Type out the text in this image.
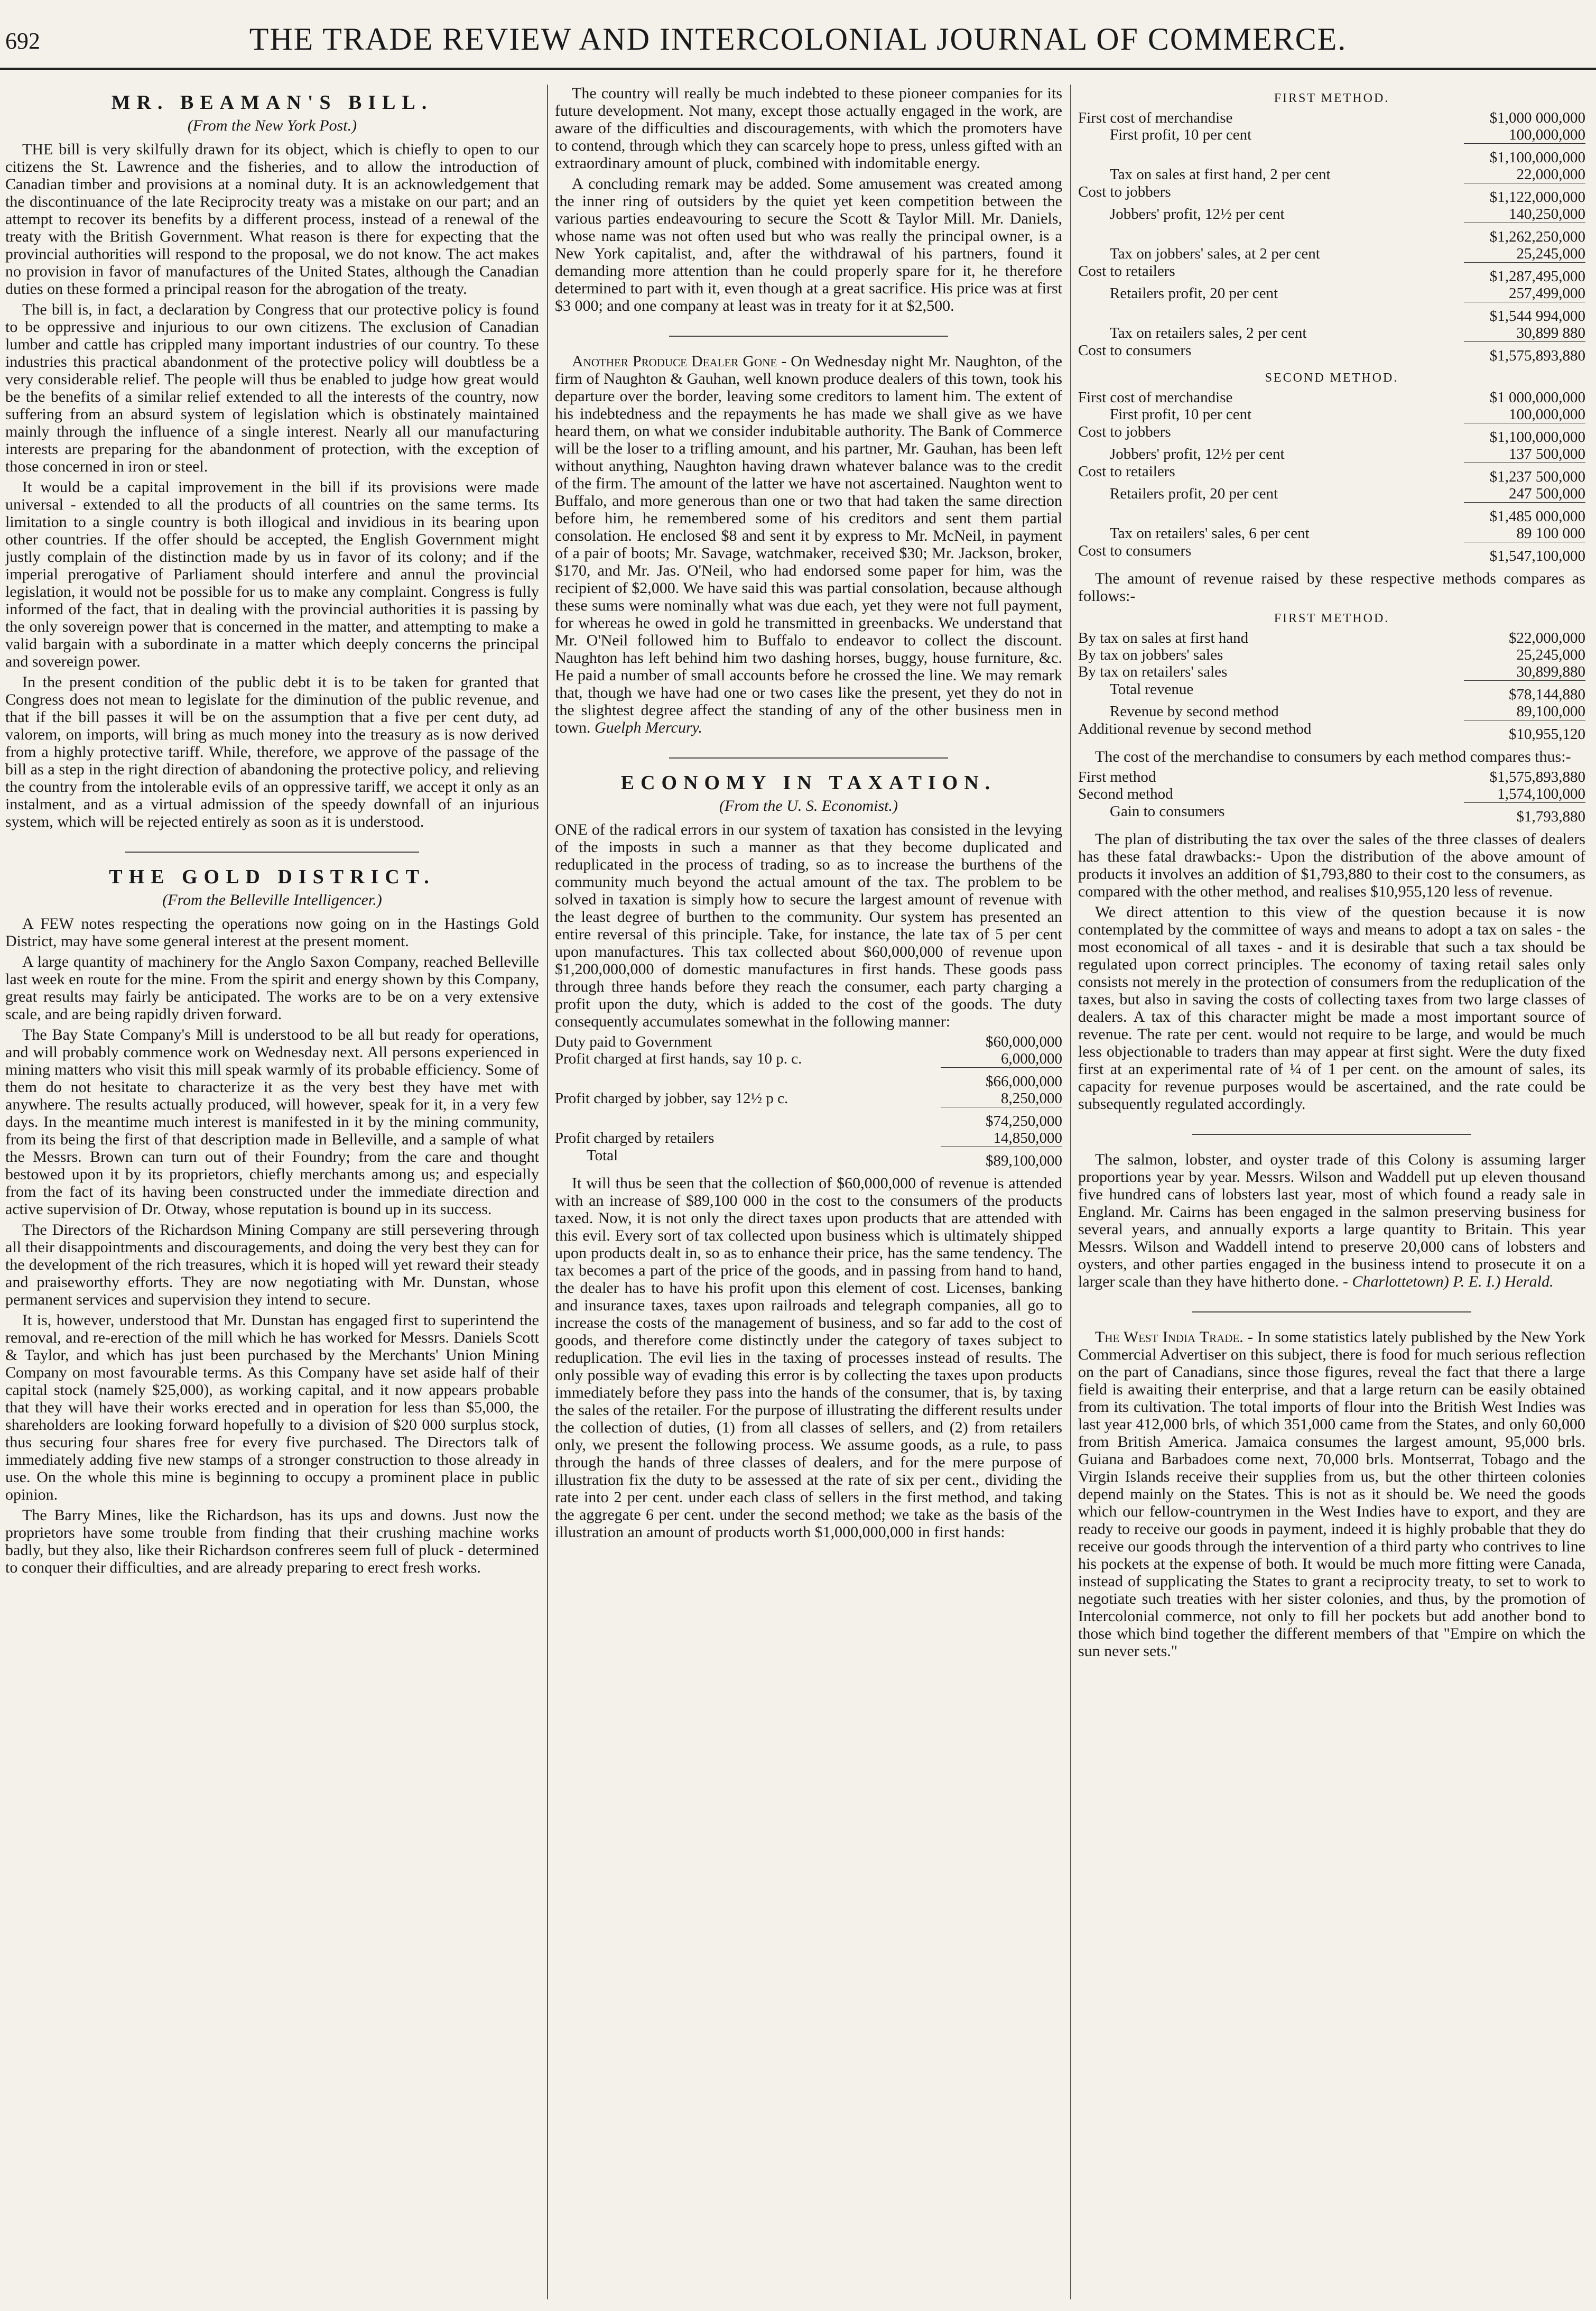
692	THE TRADE REVIEW AND INTERCOLONIAL JOURNAL OF COMMERCE.
MR. BEAMAN'S BILL.
(From the New York Post.)

THE bill is very skilfully drawn for its object, which is chiefly to open to our citizens the St. Lawrence and the fisheries, and to allow the introduction of Canadian timber and provisions at a nominal duty. It is an acknowledgement that the discontinuance of the late Reciprocity treaty was a mistake on our part; and an attempt to recover its benefits by a different process, instead of a renewal of the treaty with the British Government. What reason is there for expecting that the provincial authorities will respond to the proposal, we do not know. The act makes no provision in favor of manufactures of the United States, although the Canadian duties on these formed a principal reason for the abrogation of the treaty.

The bill is, in fact, a declaration by Congress that our protective policy is found to be oppressive and injurious to our own citizens. The exclusion of Canadian lumber and cattle has crippled many important industries of our country. To these industries this practical abandonment of the protective policy will doubtless be a very considerable relief. The people will thus be enabled to judge how great would be the benefits of a similar relief extended to all the interests of the country, now suffering from an absurd system of legislation which is obstinately maintained mainly through the influence of a single interest. Nearly all our manufacturing interests are preparing for the abandonment of protection, with the exception of those concerned in iron or steel.

It would be a capital improvement in the bill if its provisions were made universal - extended to all the products of all countries on the same terms. Its limitation to a single country is both illogical and invidious in its bearing upon other countries. If the offer should be accepted, the English Government might justly complain of the distinction made by us in favor of its colony; and if the imperial prerogative of Parliament should interfere and annul the provincial legislation, it would not be possible for us to make any complaint. Congress is fully informed of the fact, that in dealing with the provincial authorities it is passing by the only sovereign power that is concerned in the matter, and attempting to make a valid bargain with a subordinate in a matter which deeply concerns the principal and sovereign power.

In the present condition of the public debt it is to be taken for granted that Congress does not mean to legislate for the diminution of the public revenue, and that if the bill passes it will be on the assumption that a five per cent duty, ad valorem, on imports, will bring as much money into the treasury as is now derived from a highly protective tariff. While, therefore, we approve of the passage of the bill as a step in the right direction of abandoning the protective policy, and relieving the country from the intolerable evils of an oppressive tariff, we accept it only as an instalment, and as a virtual admission of the speedy downfall of an injurious system, which will be rejected entirely as soon as it is understood.

THE GOLD DISTRICT.
(From the Belleville Intelligencer.)

A FEW notes respecting the operations now going on in the Hastings Gold District, may have some general interest at the present moment.

A large quantity of machinery for the Anglo Saxon Company, reached Belleville last week en route for the mine. From the spirit and energy shown by this Company, great results may fairly be anticipated. The works are to be on a very extensive scale, and are being rapidly driven forward.

The Bay State Company's Mill is understood to be all but ready for operations, and will probably commence work on Wednesday next. All persons experienced in mining matters who visit this mill speak warmly of its probable efficiency. Some of them do not hesitate to characterize it as the very best they have met with anywhere. The results actually produced, will however, speak for it, in a very few days. In the meantime much interest is manifested in it by the mining community, from its being the first of that description made in Belleville, and a sample of what the Messrs. Brown can turn out of their Foundry; from the care and thought bestowed upon it by its proprietors, chiefly merchants among us; and especially from the fact of its having been constructed under the immediate direction and active supervision of Dr. Otway, whose reputation is bound up in its success.

The Directors of the Richardson Mining Company are still persevering through all their disappointments and discouragements, and doing the very best they can for the development of the rich treasures, which it is hoped will yet reward their steady and praiseworthy efforts. They are now negotiating with Mr. Dunstan, whose permanent services and supervision they intend to secure.

It is, however, understood that Mr. Dunstan has engaged first to superintend the removal, and re-erection of the mill which he has worked for Messrs. Daniels Scott & Taylor, and which has just been purchased by the Merchants' Union Mining Company on most favourable terms. As this Company have set aside half of their capital stock (namely $25,000), as working capital, and it now appears probable that they will have their works erected and in operation for less than $5,000, the shareholders are looking forward hopefully to a division of $20 000 surplus stock, thus securing four shares free for every five purchased. The Directors talk of immediately adding five new stamps of a stronger construction to those already in use. On the whole this mine is beginning to occupy a prominent place in public opinion.

The Barry Mines, like the Richardson, has its ups and downs. Just now the proprietors have some trouble from finding that their crushing machine works badly, but they also, like their Richardson confreres seem full of pluck - determined to conquer their difficulties, and are already preparing to erect fresh works.

The country will really be much indebted to these pioneer companies for its future development. Not many, except those actually engaged in the work, are aware of the difficulties and discouragements, with which the promoters have to contend, through which they can scarcely hope to press, unless gifted with an extraordinary amount of pluck, combined with indomitable energy.

A concluding remark may be added. Some amusement was created among the inner ring of outsiders by the quiet yet keen competition between the various parties endeavouring to secure the Scott & Taylor Mill. Mr. Daniels, whose name was not often used but who was really the principal owner, is a New York capitalist, and, after the withdrawal of his partners, found it demanding more attention than he could properly spare for it, he therefore determined to part with it, even though at a great sacrifice. His price was at first $3 000; and one company at least was in treaty for it at $2,500.

Another Produce Dealer Gone - On Wednesday night Mr. Naughton, of the firm of Naughton & Gauhan, well known produce dealers of this town, took his departure over the border, leaving some creditors to lament him. The extent of his indebtedness and the repayments he has made we shall give as we have heard them, on what we consider indubitable authority. The Bank of Commerce will be the loser to a trifling amount, and his partner, Mr. Gauhan, has been left without anything, Naughton having drawn whatever balance was to the credit of the firm. The amount of the latter we have not ascertained. Naughton went to Buffalo, and more generous than one or two that had taken the same direction before him, he remembered some of his creditors and sent them partial consolation. He enclosed $8 and sent it by express to Mr. McNeil, in payment of a pair of boots; Mr. Savage, watchmaker, received $30; Mr. Jackson, broker, $170, and Mr. Jas. O'Neil, who had endorsed some paper for him, was the recipient of $2,000. We have said this was partial consolation, because although these sums were nominally what was due each, yet they were not full payment, for whereas he owed in gold he transmitted in greenbacks. We understand that Mr. O'Neil followed him to Buffalo to endeavor to collect the discount. Naughton has left behind him two dashing horses, buggy, house furniture, &c. He paid a number of small accounts before he crossed the line. We may remark that, though we have had one or two cases like the present, yet they do not in the slightest degree affect the standing of any of the other business men in town. Guelph Mercury.

ECONOMY IN TAXATION.
(From the U. S. Economist.)

ONE of the radical errors in our system of taxation has consisted in the levying of the imposts in such a manner as that they become duplicated and reduplicated in the process of trading, so as to increase the burthens of the community much beyond the actual amount of the tax. The problem to be solved in taxation is simply how to secure the largest amount of revenue with the least degree of burthen to the community. Our system has presented an entire reversal of this principle. Take, for instance, the late tax of 5 per cent upon manufactures. This tax collected about $60,000,000 of revenue upon $1,200,000,000 of domestic manufactures in first hands. These goods pass through three hands before they reach the consumer, each party charging a profit upon the duty, which is added to the cost of the goods. The duty consequently accumulates somewhat in the following manner:

Duty paid to Government	$60,000,000
Profit charged at first hands, say 10 p. c.	6,000,000
	$66,000,000
Profit charged by jobber, say 12½ p c.	8,250,000
	$74,250,000
Profit charged by retailers	14,850,000
Total	$89,100,000

It will thus be seen that the collection of $60,000,000 of revenue is attended with an increase of $89,100 000 in the cost to the consumers of the products taxed. Now, it is not only the direct taxes upon products that are attended with this evil. Every sort of tax collected upon business which is ultimately shipped upon products dealt in, so as to enhance their price, has the same tendency. The tax becomes a part of the price of the goods, and in passing from hand to hand, the dealer has to have his profit upon this element of cost. Licenses, banking and insurance taxes, taxes upon railroads and telegraph companies, all go to increase the costs of the management of business, and so far add to the cost of goods, and therefore come distinctly under the category of taxes subject to reduplication. The evil lies in the taxing of processes instead of results. The only possible way of evading this error is by collecting the taxes upon products immediately before they pass into the hands of the consumer, that is, by taxing the sales of the retailer. For the purpose of illustrating the different results under the collection of duties, (1) from all classes of sellers, and (2) from retailers only, we present the following process. We assume goods, as a rule, to pass through the hands of three classes of dealers, and for the mere purpose of illustration fix the duty to be assessed at the rate of six per cent., dividing the rate into 2 per cent. under each class of sellers in the first method, and taking the aggregate 6 per cent. under the second method; we take as the basis of the illustration an amount of products worth $1,000,000,000 in first hands:

FIRST METHOD.
First cost of merchandise	$1,000 000,000
First profit, 10 per cent	100,000,000
	$1,100,000,000
Tax on sales at first hand, 2 per cent	22,000,000
Cost to jobbers	$1,122,000,000
Jobbers' profit, 12½ per cent	140,250,000
	$1,262,250,000
Tax on jobbers' sales, at 2 per cent	25,245,000
Cost to retailers	$1,287,495,000
Retailers profit, 20 per cent	257,499,000
	$1,544 994,000
Tax on retailers sales, 2 per cent	30,899 880
Cost to consumers	$1,575,893,880
SECOND METHOD.
First cost of merchandise	$1 000,000,000
First profit, 10 per cent	100,000,000
Cost to jobbers	$1,100,000,000
Jobbers' profit, 12½ per cent	137 500,000
Cost to retailers	$1,237 500,000
Retailers profit, 20 per cent	247 500,000
	$1,485 000,000
Tax on retailers' sales, 6 per cent	89 100 000
Cost to consumers	$1,547,100,000

The amount of revenue raised by these respective methods compares as follows:-

FIRST METHOD.
By tax on sales at first hand	$22,000,000
By tax on jobbers' sales	25,245,000
By tax on retailers' sales	30,899,880
Total revenue	$78,144,880
Revenue by second method	89,100,000
Additional revenue by second method	$10,955,120

The cost of the merchandise to consumers by each method compares thus:-

First method	$1,575,893,880
Second method	1,574,100,000
Gain to consumers	$1,793,880

The plan of distributing the tax over the sales of the three classes of dealers has these fatal drawbacks:- Upon the distribution of the above amount of products it involves an addition of $1,793,880 to their cost to the consumers, as compared with the other method, and realises $10,955,120 less of revenue.

We direct attention to this view of the question because it is now contemplated by the committee of ways and means to adopt a tax on sales - the most economical of all taxes - and it is desirable that such a tax should be regulated upon correct principles. The economy of taxing retail sales only consists not merely in the protection of consumers from the reduplication of the taxes, but also in saving the costs of collecting taxes from two large classes of dealers. A tax of this character might be made a most important source of revenue. The rate per cent. would not require to be large, and would be much less objectionable to traders than may appear at first sight. Were the duty fixed first at an experimental rate of ¼ of 1 per cent. on the amount of sales, its capacity for revenue purposes would be ascertained, and the rate could be subsequently regulated accordingly.

The salmon, lobster, and oyster trade of this Colony is assuming larger proportions year by year. Messrs. Wilson and Waddell put up eleven thousand five hundred cans of lobsters last year, most of which found a ready sale in England. Mr. Cairns has been engaged in the salmon preserving business for several years, and annually exports a large quantity to Britain. This year Messrs. Wilson and Waddell intend to preserve 20,000 cans of lobsters and oysters, and other parties engaged in the business intend to prosecute it on a larger scale than they have hitherto done. - Charlottetown) P. E. I.) Herald.

The West India Trade. - In some statistics lately published by the New York Commercial Advertiser on this subject, there is food for much serious reflection on the part of Canadians, since those figures, reveal the fact that there a large field is awaiting their enterprise, and that a large return can be easily obtained from its cultivation. The total imports of flour into the British West Indies was last year 412,000 brls, of which 351,000 came from the States, and only 60,000 from British America. Jamaica consumes the largest amount, 95,000 brls. Guiana and Barbadoes come next, 70,000 brls. Montserrat, Tobago and the Virgin Islands receive their supplies from us, but the other thirteen colonies depend mainly on the States. This is not as it should be. We need the goods which our fellow-countrymen in the West Indies have to export, and they are ready to receive our goods in payment, indeed it is highly probable that they do receive our goods through the intervention of a third party who contrives to line his pockets at the expense of both. It would be much more fitting were Canada, instead of supplicating the States to grant a reciprocity treaty, to set to work to negotiate such treaties with her sister colonies, and thus, by the promotion of Intercolonial commerce, not only to fill her pockets but add another bond to those which bind together the different members of that "Empire on which the sun never sets."
